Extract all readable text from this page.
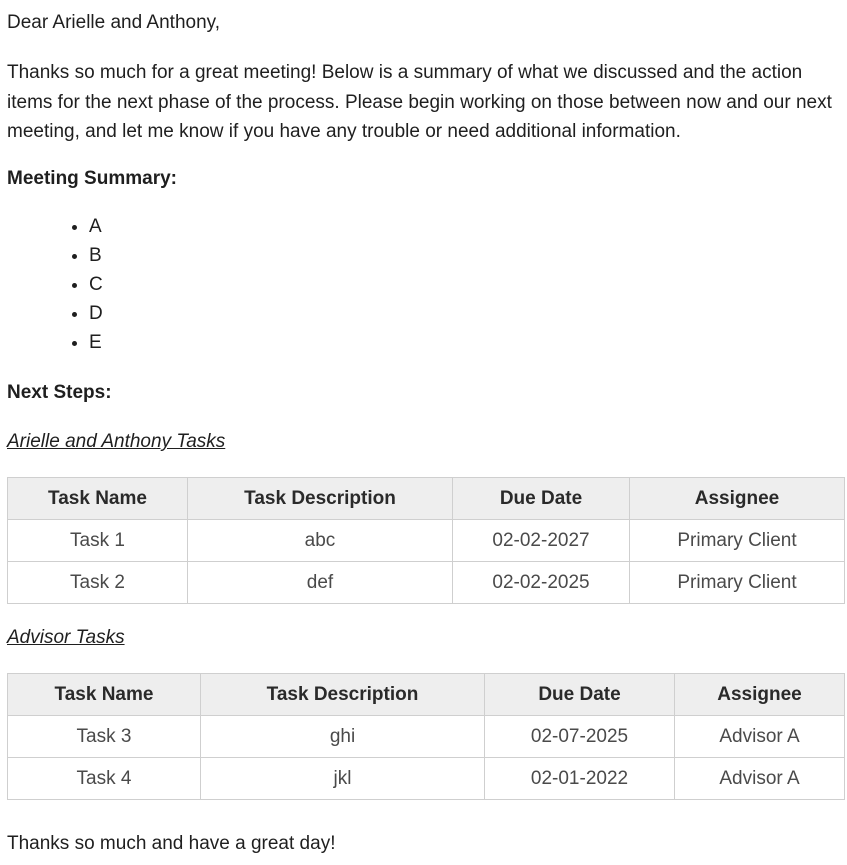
Dear Arielle and Anthony,

Thanks so much for a great meeting! Below is a summary of what we discussed and the action items for the next phase of the process. Please begin working on those between now and our next meeting, and let me know if you have any trouble or need additional information.

Meeting Summary:

• A
• B
• C
• D
• E

Next Steps:

Arielle and Anthony Tasks

Task Name	Task Description	Due Date	Assignee
Task 1	abc	02-02-2027	Primary Client
Task 2	def	02-02-2025	Primary Client

Advisor Tasks

Task Name	Task Description	Due Date	Assignee
Task 3	ghi	02-07-2025	Advisor A
Task 4	jkl	02-01-2022	Advisor A

Thanks so much and have a great day!
